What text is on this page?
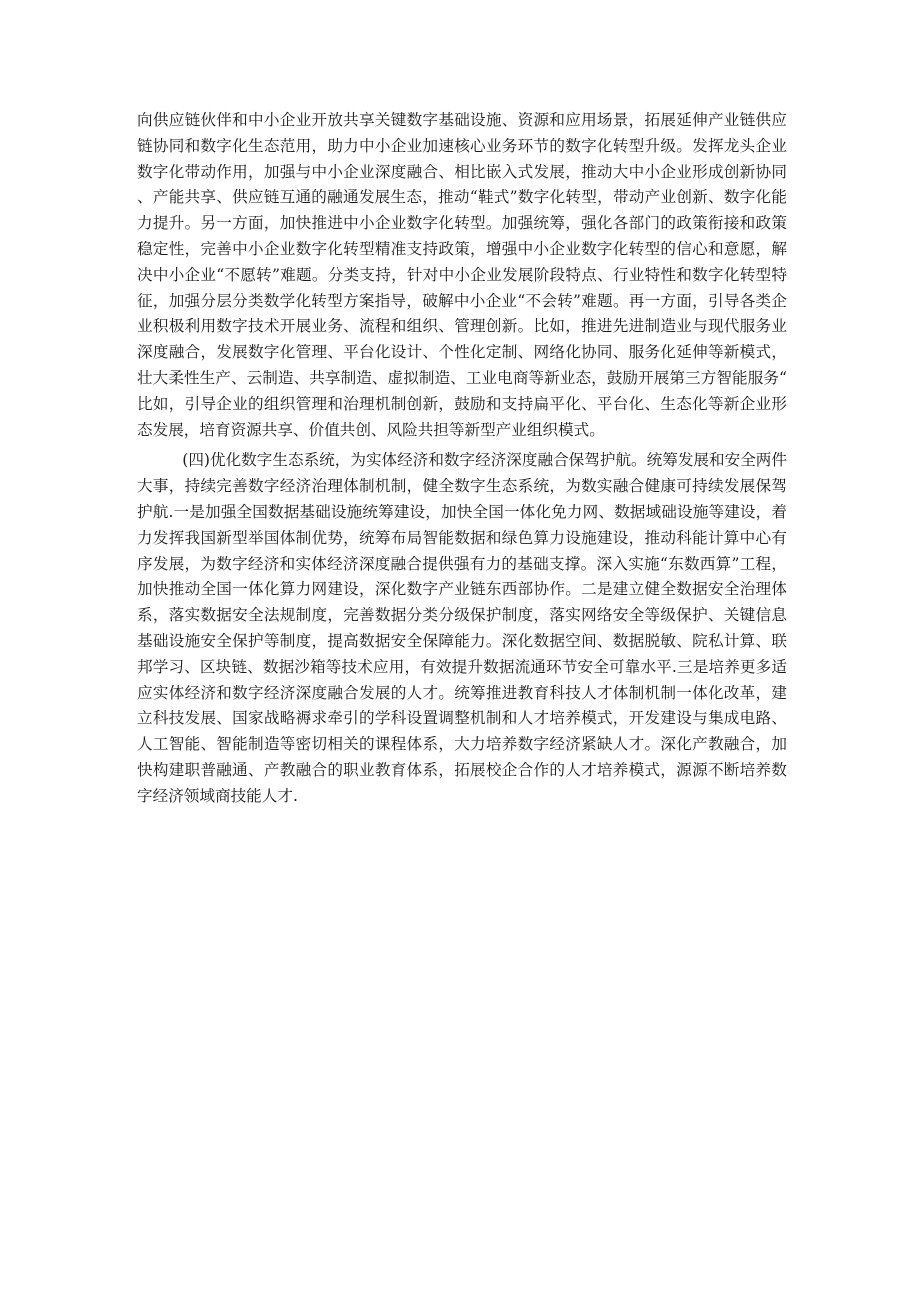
向供应链伙伴和中小企业开放共享关键数字基础设施、资源和应用场景，拓展延伸产业链供应链协同和数字化生态范用，助力中小企业加速核心业务环节的数字化转型升级。发挥龙头企业数字化带动作用，加强与中小企业深度融合、相比嵌入式发展，推动大中小企业形成创新协同、产能共享、供应链互通的融通发展生态，推动“鞋式”数字化转型，带动产业创新、数字化能力提升。另一方面，加快推进中小企业数字化转型。加强统筹，强化各部门的政策衔接和政策稳定性，完善中小企业数字化转型精准支持政策，增强中小企业数字化转型的信心和意愿，解决中小企业“不愿转”难题。分类支持，针对中小企业发展阶段特点、行业特性和数字化转型特征，加强分层分类数学化转型方案指导，破解中小企业“不会转”难题。再一方面，引导各类企业积极利用数字技术开展业务、流程和组织、管理创新。比如，推进先进制造业与现代服务业深度融合，发展数字化管理、平台化设计、个性化定制、网络化协同、服务化延伸等新模式，壮大柔性生产、云制造、共享制造、虚拟制造、工业电商等新业态，鼓励开展第三方智能服务“比如，引导企业的组织管理和治理机制创新，鼓励和支持扁平化、平台化、生态化等新企业形态发展，培育资源共享、价值共创、风险共担等新型产业组织模式。

(四)优化数字生态系统，为实体经济和数字经济深度融合保驾护航。统筹发展和安全两件大事，持续完善数字经济治理体制机制，健全数字生态系统，为数实融合健康可持续发展保驾护航.一是加强全国数据基础设施统筹建设，加快全国一体化免力网、数据域础设施等建设，着力发挥我国新型举国体制优势，统筹布局智能数据和绿色算力设施建设，推动科能计算中心有序发展，为数字经济和实体经济深度融合提供强有力的基础支撑。深入实施“东数西算”工程，加快推动全国一体化算力网建设，深化数字产业链东西部协作。二是建立健全数据安全治理体系，落实数据安全法规制度，完善数据分类分级保护制度，落实网络安全等级保护、关键信息基础设施安全保护等制度，提高数据安全保障能力。深化数据空间、数据脱敏、院私计算、联邦学习、区块链、数据沙箱等技术应用，有效提升数据流通环节安全可靠水平.三是培养更多适应实体经济和数字经济深度融合发展的人才。统筹推进教育科技人才体制机制一体化改革，建立科技发展、国家战略褥求牵引的学科设置调整机制和人才培养模式，开发建设与集成电路、人工智能、智能制造等密切相关的课程体系，大力培养数字经济紧缺人才。深化产教融合，加快构建职普融通、产教融合的职业教育体系，拓展校企合作的人才培养模式，源源不断培养数字经济领域商技能人才.
